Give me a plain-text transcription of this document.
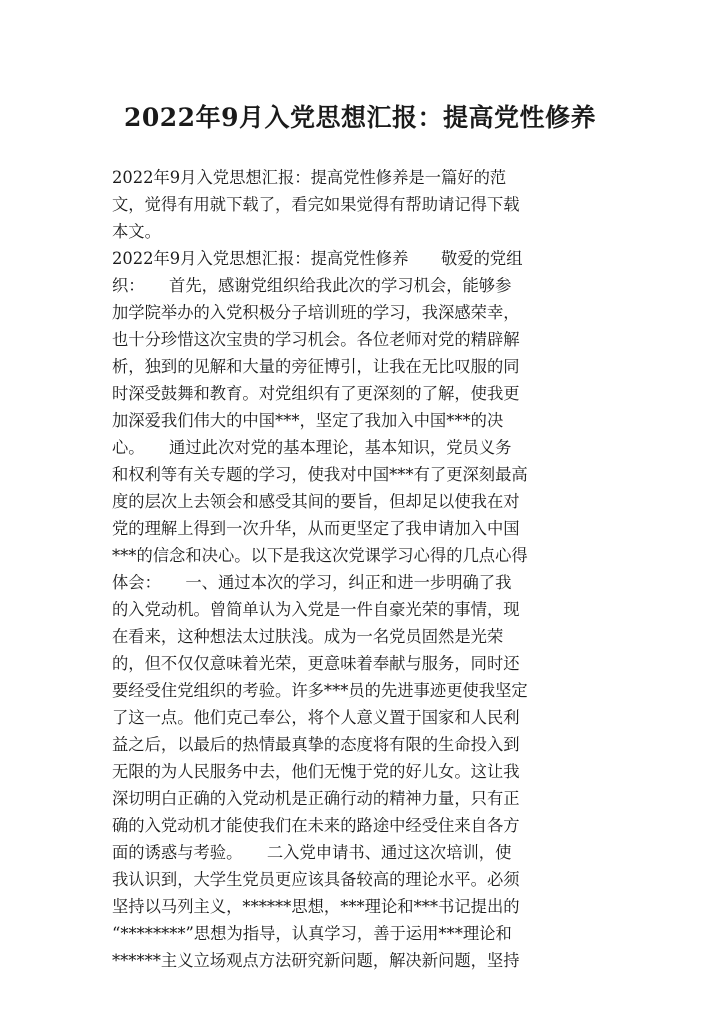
2022年9月入党思想汇报：提高党性修养
2022年9月入党思想汇报：提高党性修养是一篇好的范
文，觉得有用就下载了，看完如果觉得有帮助请记得下载
本文。
2022年9月入党思想汇报：提高党性修养　　敬爱的党组
织：　　首先，感谢党组织给我此次的学习机会，能够参
加学院举办的入党积极分子培训班的学习，我深感荣幸，
也十分珍惜这次宝贵的学习机会。各位老师对党的精辟解
析，独到的见解和大量的旁征博引，让我在无比叹服的同
时深受鼓舞和教育。对党组织有了更深刻的了解，使我更
加深爱我们伟大的中国***，坚定了我加入中国***的决
心。　　通过此次对党的基本理论，基本知识，党员义务
和权利等有关专题的学习，使我对中国***有了更深刻最高
度的层次上去领会和感受其间的要旨，但却足以使我在对
党的理解上得到一次升华，从而更坚定了我申请加入中国
***的信念和决心。以下是我这次党课学习心得的几点心得
体会：　　一、通过本次的学习，纠正和进一步明确了我
的入党动机。曾简单认为入党是一件自豪光荣的事情，现
在看来，这种想法太过肤浅。成为一名党员固然是光荣
的，但不仅仅意味着光荣，更意味着奉献与服务，同时还
要经受住党组织的考验。许多***员的先进事迹更使我坚定
了这一点。他们克己奉公，将个人意义置于国家和人民利
益之后，以最后的热情最真挚的态度将有限的生命投入到
无限的为人民服务中去，他们无愧于党的好儿女。这让我
深切明白正确的入党动机是正确行动的精神力量，只有正
确的入党动机才能使我们在未来的路途中经受住来自各方
面的诱惑与考验。　　二入党申请书、通过这次培训，使
我认识到，大学生党员更应该具备较高的理论水平。必须
坚持以马列主义，******思想，***理论和***书记提出的
“********”思想为指导，认真学习，善于运用***理论和
******主义立场观点方法研究新问题，解决新问题，坚持
